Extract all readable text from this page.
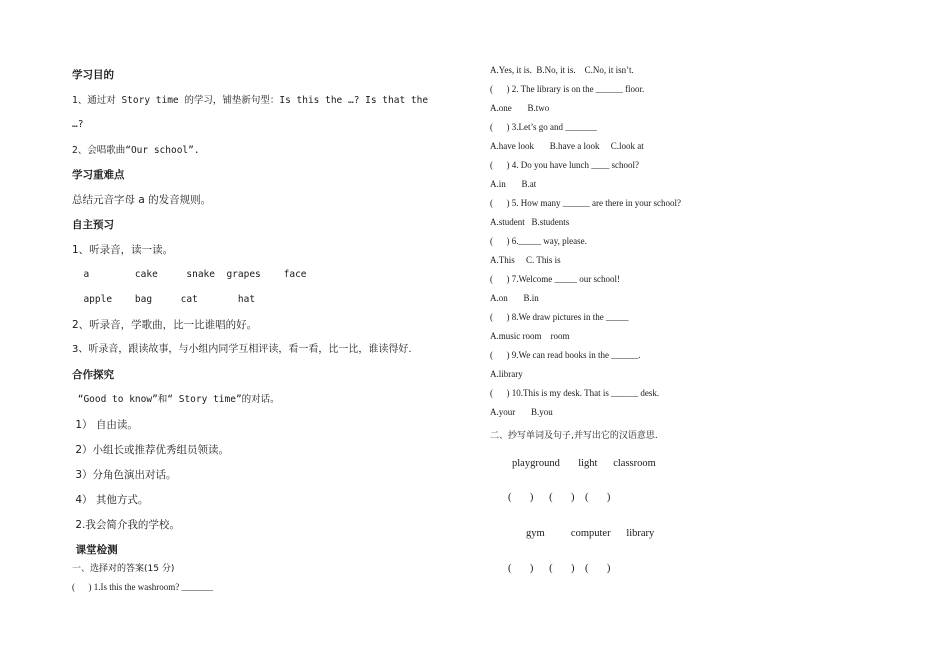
学习目的

1、通过对 Story time 的学习，铺垫新句型：Is this the …? Is that the

…?

2、会唱歌曲“Our school”.

学习重难点

总结元音字母 a 的发音规则。

自主预习

1、听录音，读一读。

a        cake     snake  grapes    face

apple    bag     cat       hat

2、听录音，学歌曲，比一比谁唱的好。

3、听录音，跟读故事，与小组内同学互相评读，看一看，比一比，谁读得好.

合作探究

“Good to know”和“ Story time”的对话。

1） 自由读。

2）小组长或推荐优秀组员领读。

3）分角色演出对话。

4） 其他方式。

2.我会简介我的学校。

课堂检测

一、选择对的答案(15 分)

(      ) 1.Is this the washroom? _______

A.Yes, it is.  B.No, it is.    C.No, it isn’t.

(      ) 2. The library is on the ______ floor.

A.one       B.two

(      ) 3.Let’s go and _______

A.have look       B.have a look     C.look at

(      ) 4. Do you have lunch ____ school?

A.in       B.at

(      ) 5. How many ______ are there in your school?

A.student   B.students

(      ) 6._____ way, please.

A.This     C. This is

(      ) 7.Welcome _____ our school!

A.on       B.in

(      ) 8.We draw pictures in the _____

A.music room    room

(      ) 9.We can read books in the ______.

A.library

(      ) 10.This is my desk. That is ______ desk.

A.your       B.you

二、抄写单词及句子,并写出它的汉语意思.

playground       light      classroom

(       )      (       )    (       )

gym          computer      library

(       )      (       )    (       )
